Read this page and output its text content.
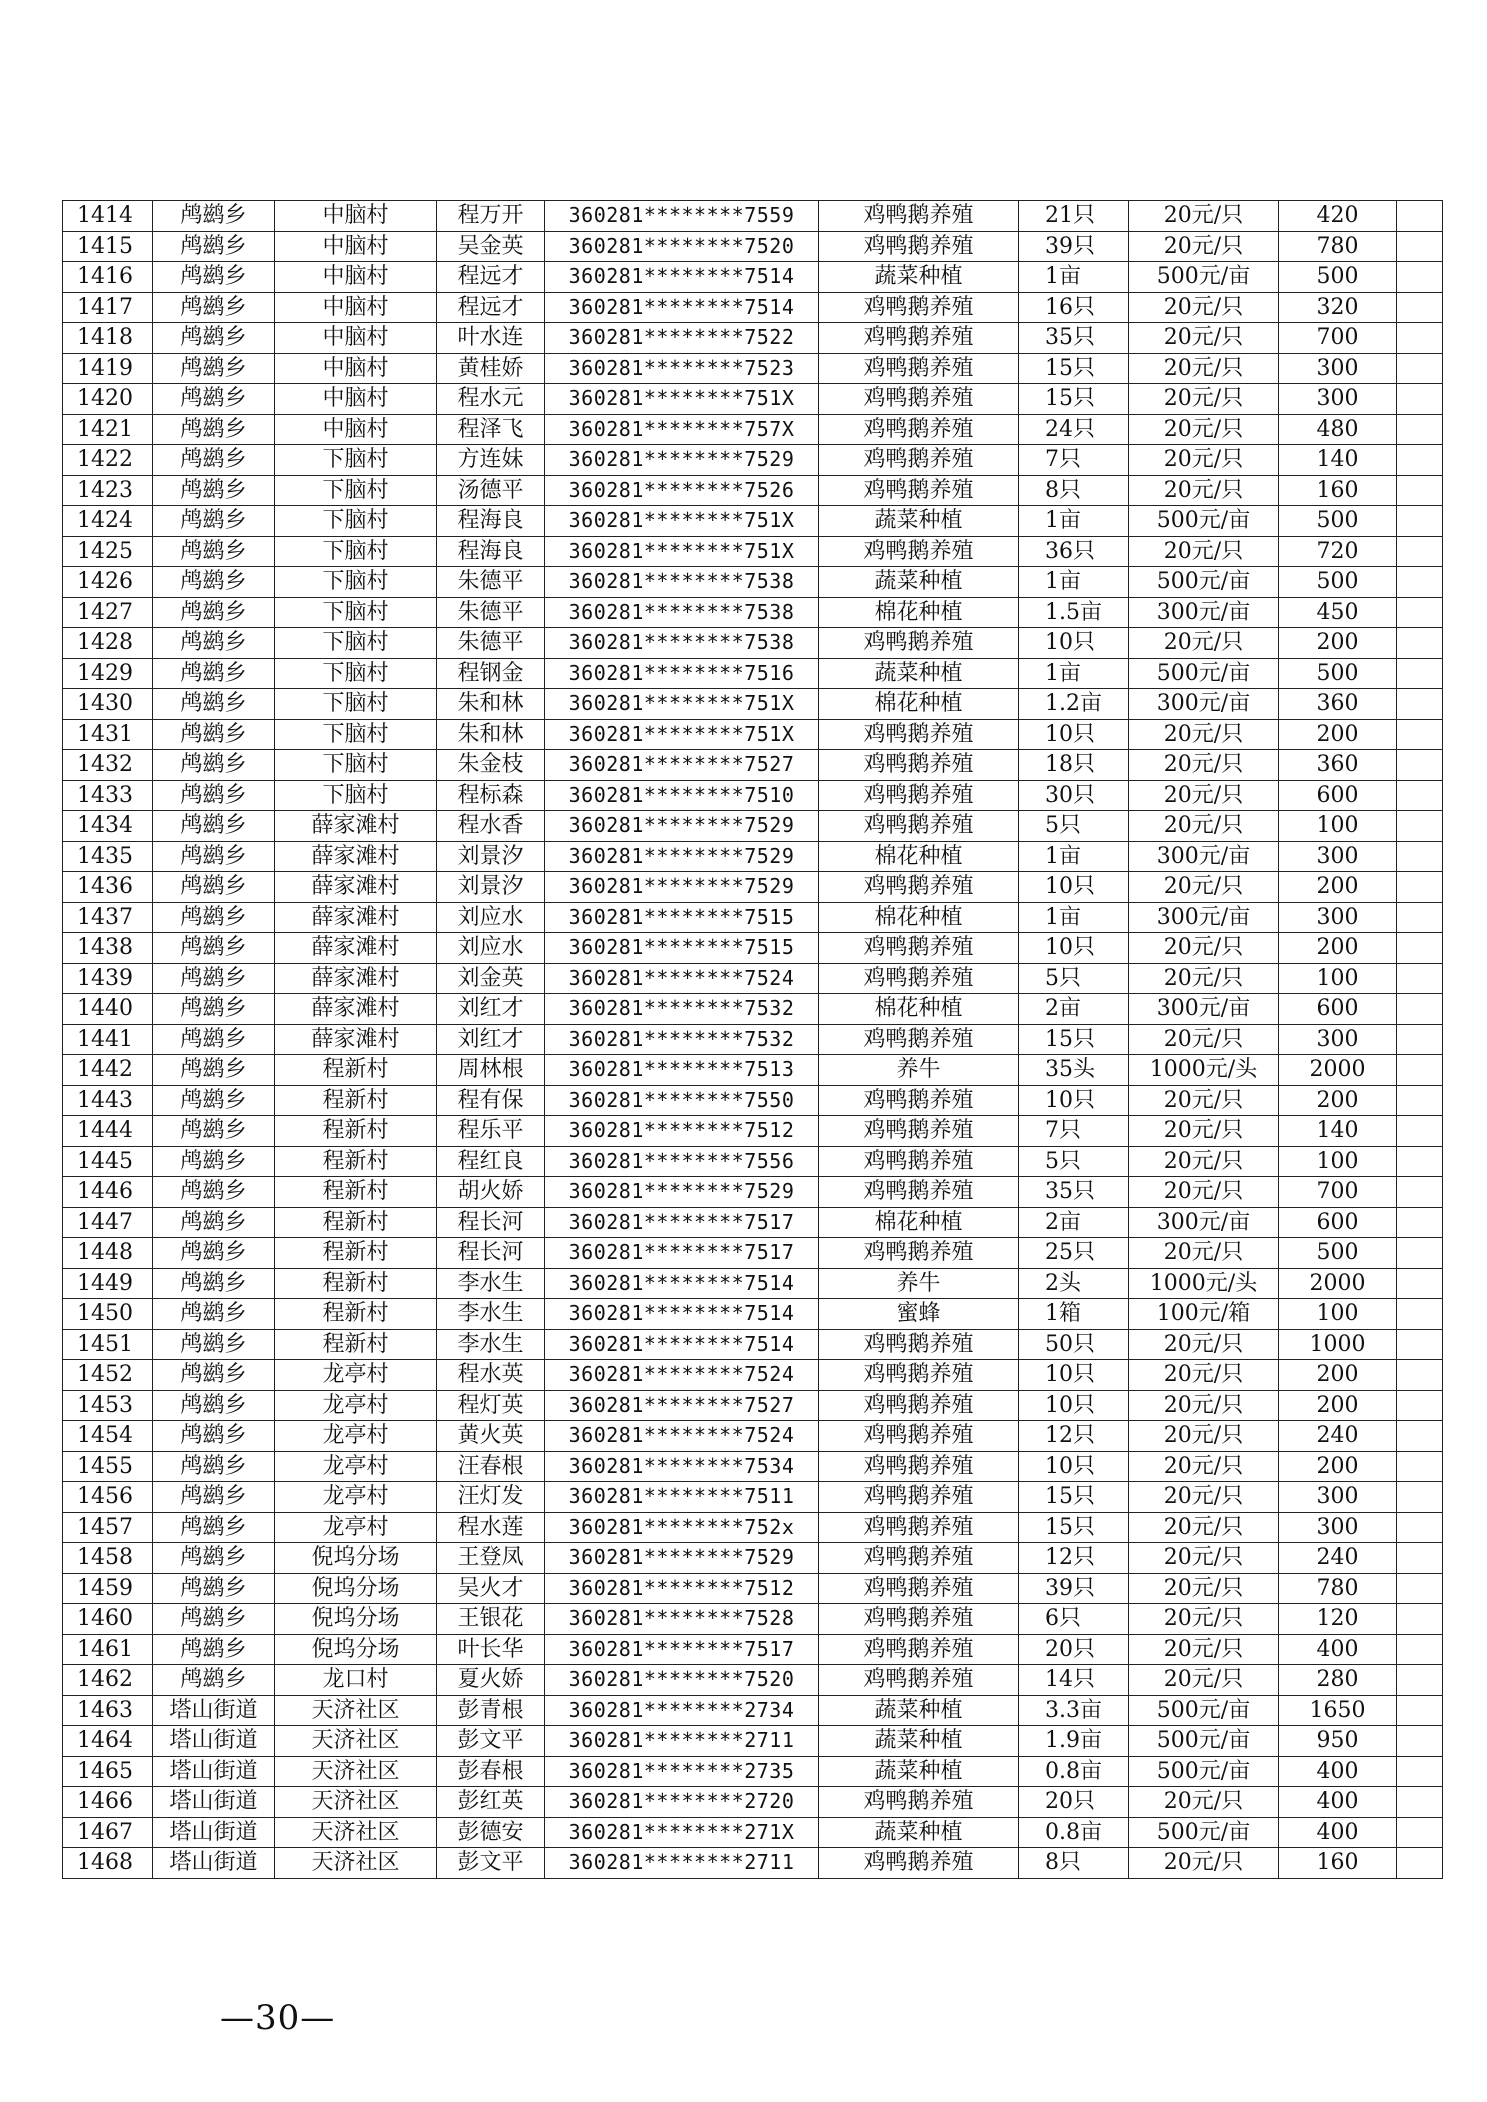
1414	鸬鹚乡	中脑村	程万开	360281********7559	鸡鸭鹅养殖	21只	20元/只	420	
1415	鸬鹚乡	中脑村	吴金英	360281********7520	鸡鸭鹅养殖	39只	20元/只	780	
1416	鸬鹚乡	中脑村	程远才	360281********7514	蔬菜种植	1亩	500元/亩	500	
1417	鸬鹚乡	中脑村	程远才	360281********7514	鸡鸭鹅养殖	16只	20元/只	320	
1418	鸬鹚乡	中脑村	叶水连	360281********7522	鸡鸭鹅养殖	35只	20元/只	700	
1419	鸬鹚乡	中脑村	黄桂娇	360281********7523	鸡鸭鹅养殖	15只	20元/只	300	
1420	鸬鹚乡	中脑村	程水元	360281********751X	鸡鸭鹅养殖	15只	20元/只	300	
1421	鸬鹚乡	中脑村	程泽飞	360281********757X	鸡鸭鹅养殖	24只	20元/只	480	
1422	鸬鹚乡	下脑村	方连妹	360281********7529	鸡鸭鹅养殖	7只	20元/只	140	
1423	鸬鹚乡	下脑村	汤德平	360281********7526	鸡鸭鹅养殖	8只	20元/只	160	
1424	鸬鹚乡	下脑村	程海良	360281********751X	蔬菜种植	1亩	500元/亩	500	
1425	鸬鹚乡	下脑村	程海良	360281********751X	鸡鸭鹅养殖	36只	20元/只	720	
1426	鸬鹚乡	下脑村	朱德平	360281********7538	蔬菜种植	1亩	500元/亩	500	
1427	鸬鹚乡	下脑村	朱德平	360281********7538	棉花种植	1.5亩	300元/亩	450	
1428	鸬鹚乡	下脑村	朱德平	360281********7538	鸡鸭鹅养殖	10只	20元/只	200	
1429	鸬鹚乡	下脑村	程钢金	360281********7516	蔬菜种植	1亩	500元/亩	500	
1430	鸬鹚乡	下脑村	朱和林	360281********751X	棉花种植	1.2亩	300元/亩	360	
1431	鸬鹚乡	下脑村	朱和林	360281********751X	鸡鸭鹅养殖	10只	20元/只	200	
1432	鸬鹚乡	下脑村	朱金枝	360281********7527	鸡鸭鹅养殖	18只	20元/只	360	
1433	鸬鹚乡	下脑村	程标森	360281********7510	鸡鸭鹅养殖	30只	20元/只	600	
1434	鸬鹚乡	薛家滩村	程水香	360281********7529	鸡鸭鹅养殖	5只	20元/只	100	
1435	鸬鹚乡	薛家滩村	刘景汐	360281********7529	棉花种植	1亩	300元/亩	300	
1436	鸬鹚乡	薛家滩村	刘景汐	360281********7529	鸡鸭鹅养殖	10只	20元/只	200	
1437	鸬鹚乡	薛家滩村	刘应水	360281********7515	棉花种植	1亩	300元/亩	300	
1438	鸬鹚乡	薛家滩村	刘应水	360281********7515	鸡鸭鹅养殖	10只	20元/只	200	
1439	鸬鹚乡	薛家滩村	刘金英	360281********7524	鸡鸭鹅养殖	5只	20元/只	100	
1440	鸬鹚乡	薛家滩村	刘红才	360281********7532	棉花种植	2亩	300元/亩	600	
1441	鸬鹚乡	薛家滩村	刘红才	360281********7532	鸡鸭鹅养殖	15只	20元/只	300	
1442	鸬鹚乡	程新村	周林根	360281********7513	养牛	35头	1000元/头	2000	
1443	鸬鹚乡	程新村	程有保	360281********7550	鸡鸭鹅养殖	10只	20元/只	200	
1444	鸬鹚乡	程新村	程乐平	360281********7512	鸡鸭鹅养殖	7只	20元/只	140	
1445	鸬鹚乡	程新村	程红良	360281********7556	鸡鸭鹅养殖	5只	20元/只	100	
1446	鸬鹚乡	程新村	胡火娇	360281********7529	鸡鸭鹅养殖	35只	20元/只	700	
1447	鸬鹚乡	程新村	程长河	360281********7517	棉花种植	2亩	300元/亩	600	
1448	鸬鹚乡	程新村	程长河	360281********7517	鸡鸭鹅养殖	25只	20元/只	500	
1449	鸬鹚乡	程新村	李水生	360281********7514	养牛	2头	1000元/头	2000	
1450	鸬鹚乡	程新村	李水生	360281********7514	蜜蜂	1箱	100元/箱	100	
1451	鸬鹚乡	程新村	李水生	360281********7514	鸡鸭鹅养殖	50只	20元/只	1000	
1452	鸬鹚乡	龙亭村	程水英	360281********7524	鸡鸭鹅养殖	10只	20元/只	200	
1453	鸬鹚乡	龙亭村	程灯英	360281********7527	鸡鸭鹅养殖	10只	20元/只	200	
1454	鸬鹚乡	龙亭村	黄火英	360281********7524	鸡鸭鹅养殖	12只	20元/只	240	
1455	鸬鹚乡	龙亭村	汪春根	360281********7534	鸡鸭鹅养殖	10只	20元/只	200	
1456	鸬鹚乡	龙亭村	汪灯发	360281********7511	鸡鸭鹅养殖	15只	20元/只	300	
1457	鸬鹚乡	龙亭村	程水莲	360281********752x	鸡鸭鹅养殖	15只	20元/只	300	
1458	鸬鹚乡	倪坞分场	王登凤	360281********7529	鸡鸭鹅养殖	12只	20元/只	240	
1459	鸬鹚乡	倪坞分场	吴火才	360281********7512	鸡鸭鹅养殖	39只	20元/只	780	
1460	鸬鹚乡	倪坞分场	王银花	360281********7528	鸡鸭鹅养殖	6只	20元/只	120	
1461	鸬鹚乡	倪坞分场	叶长华	360281********7517	鸡鸭鹅养殖	20只	20元/只	400	
1462	鸬鹚乡	龙口村	夏火娇	360281********7520	鸡鸭鹅养殖	14只	20元/只	280	
1463	塔山街道	天济社区	彭青根	360281********2734	蔬菜种植	3.3亩	500元/亩	1650	
1464	塔山街道	天济社区	彭文平	360281********2711	蔬菜种植	1.9亩	500元/亩	950	
1465	塔山街道	天济社区	彭春根	360281********2735	蔬菜种植	0.8亩	500元/亩	400	
1466	塔山街道	天济社区	彭红英	360281********2720	鸡鸭鹅养殖	20只	20元/只	400	
1467	塔山街道	天济社区	彭德安	360281********271X	蔬菜种植	0.8亩	500元/亩	400	
1468	塔山街道	天济社区	彭文平	360281********2711	鸡鸭鹅养殖	8只	20元/只	160	
—30—
